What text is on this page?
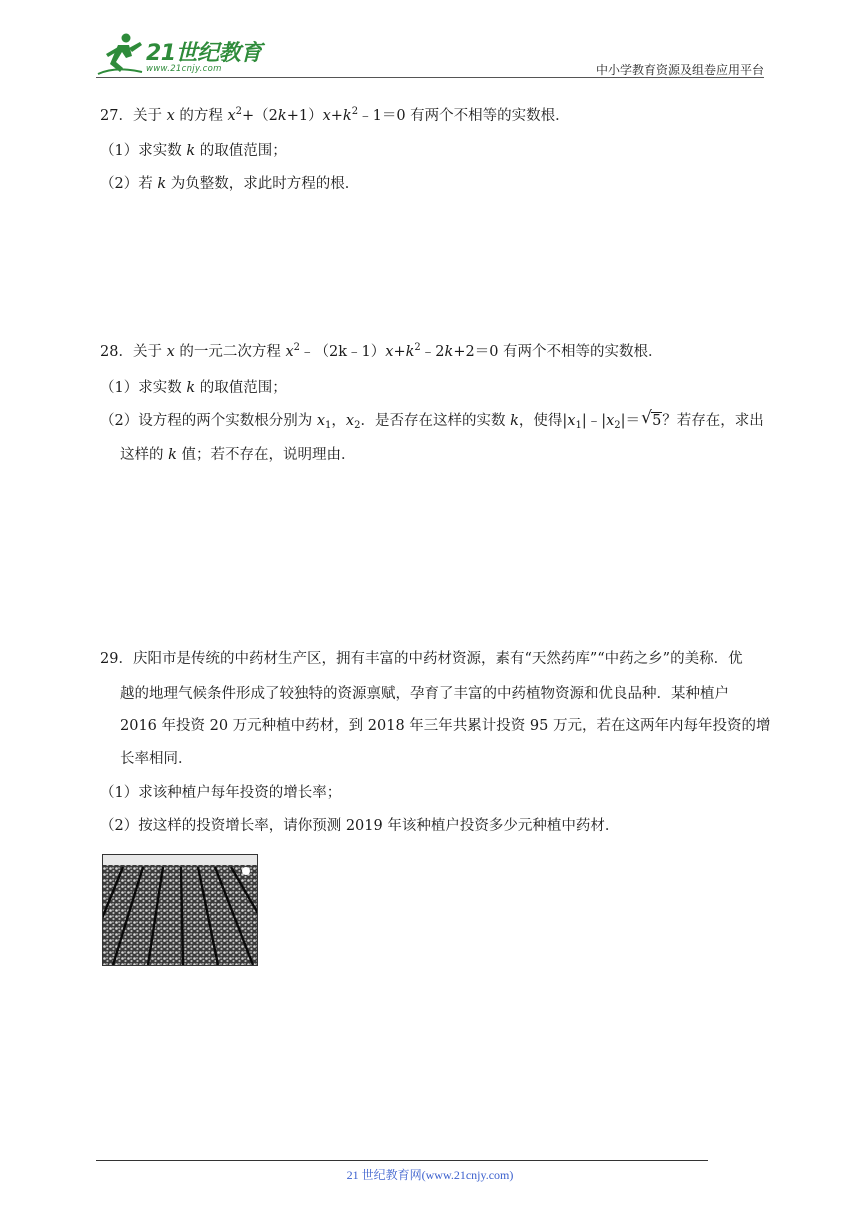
21世纪教育
www.21cnjy.com	中小学教育资源及组卷应用平台
27．关于 x 的方程 $x^2+(2k+1)x+k^2﹣1=0$ 有两个不相等的实数根．
（1）求实数 k 的取值范围；
（2）若 k 为负整数，求此时方程的根．
28．关于 x 的一元二次方程 $x^2﹣(2k﹣1)x+k^2﹣2k+2=0$ 有两个不相等的实数根．
（1）求实数 k 的取值范围；
（2）设方程的两个实数根分别为 $x_1$，$x_2$．是否存在这样的实数 k，使得$|x_1|﹣|x_2|=$ √ 5？若存在，求出
这样的 k 值；若不存在，说明理由．
29．庆阳市是传统的中药材生产区，拥有丰富的中药材资源，素有“天然药库”“中药之乡”的美称．优
越的地理气候条件形成了较独特的资源禀赋，孕育了丰富的中药植物资源和优良品种．某种植户
2016 年投资 20 万元种植中药材，到 2018 年三年共累计投资 95 万元，若在这两年内每年投资的增
长率相同．
（1）求该种植户每年投资的增长率；
（2）按这样的投资增长率，请你预测 2019 年该种植户投资多少元种植中药材．
21 世纪教育网(www.21cnjy.com)
